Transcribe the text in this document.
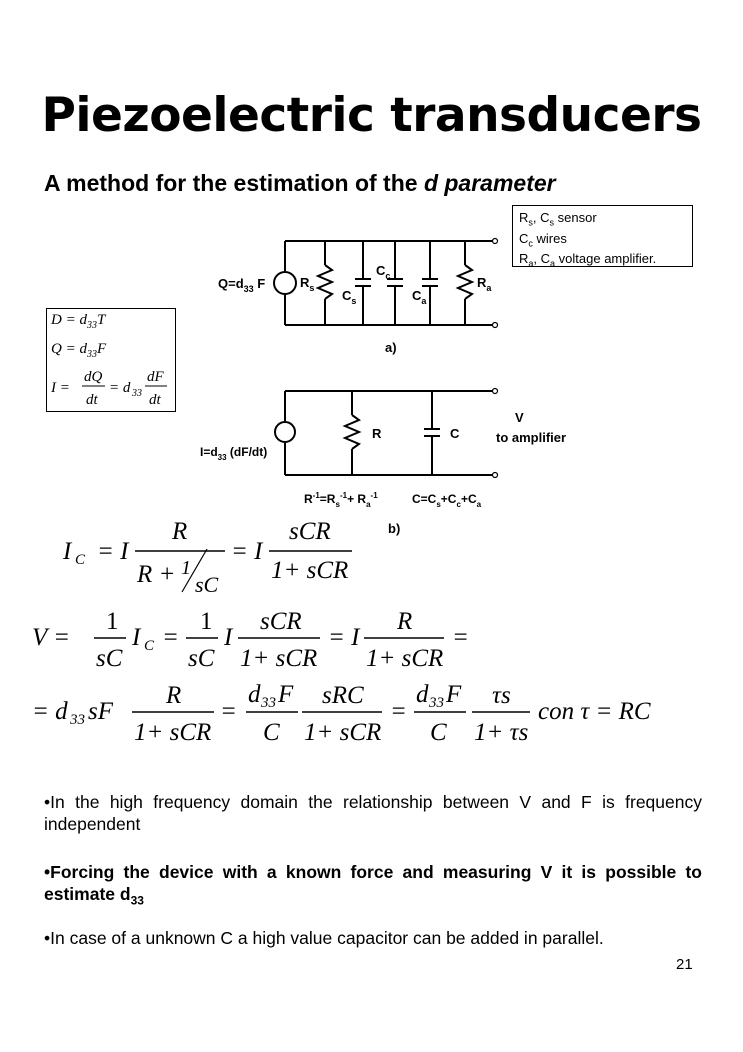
Piezoelectric transducers
A method for the estimation of the d parameter
$R_s$, $C_s$ sensor
$C_c$ wires
$R_a$, $C_a$ voltage amplifier.
$Q=d_{33}$ F	$R_s$ $C_s$
$C_c$
$C_a$
$R_a$
a)
$D = d_{33}T$
$Q = d_{33}F$
I =
dQ
dt
= d 33
dF
dt
$I=d_{33}$ (dF/dt)
R	C
V
to amplifier
$R^{-1}=R_s^{-1}+ R_a^{-1}$	$C=C_s+C_c+C_a$
b)
I C = I
R
R + 1
sC
= I
sCR
1+ sCR
V =
1
sC
I C =
1
sC
I
sCR
1+ sCR
= I
R
1+ sCR
=
= d 33 sF
R
1+ sCR
=
d 33 F
C
sRC
1+ sCR
=
d 33 F
C
τs
1+ τs
con τ = RC
•In the high frequency domain the relationship between V and F is frequency independent
•Forcing the device with a known force and measuring V it is possible to estimate $d_{33}$
•In case of a unknown C a high value capacitor can be added in parallel.
21
